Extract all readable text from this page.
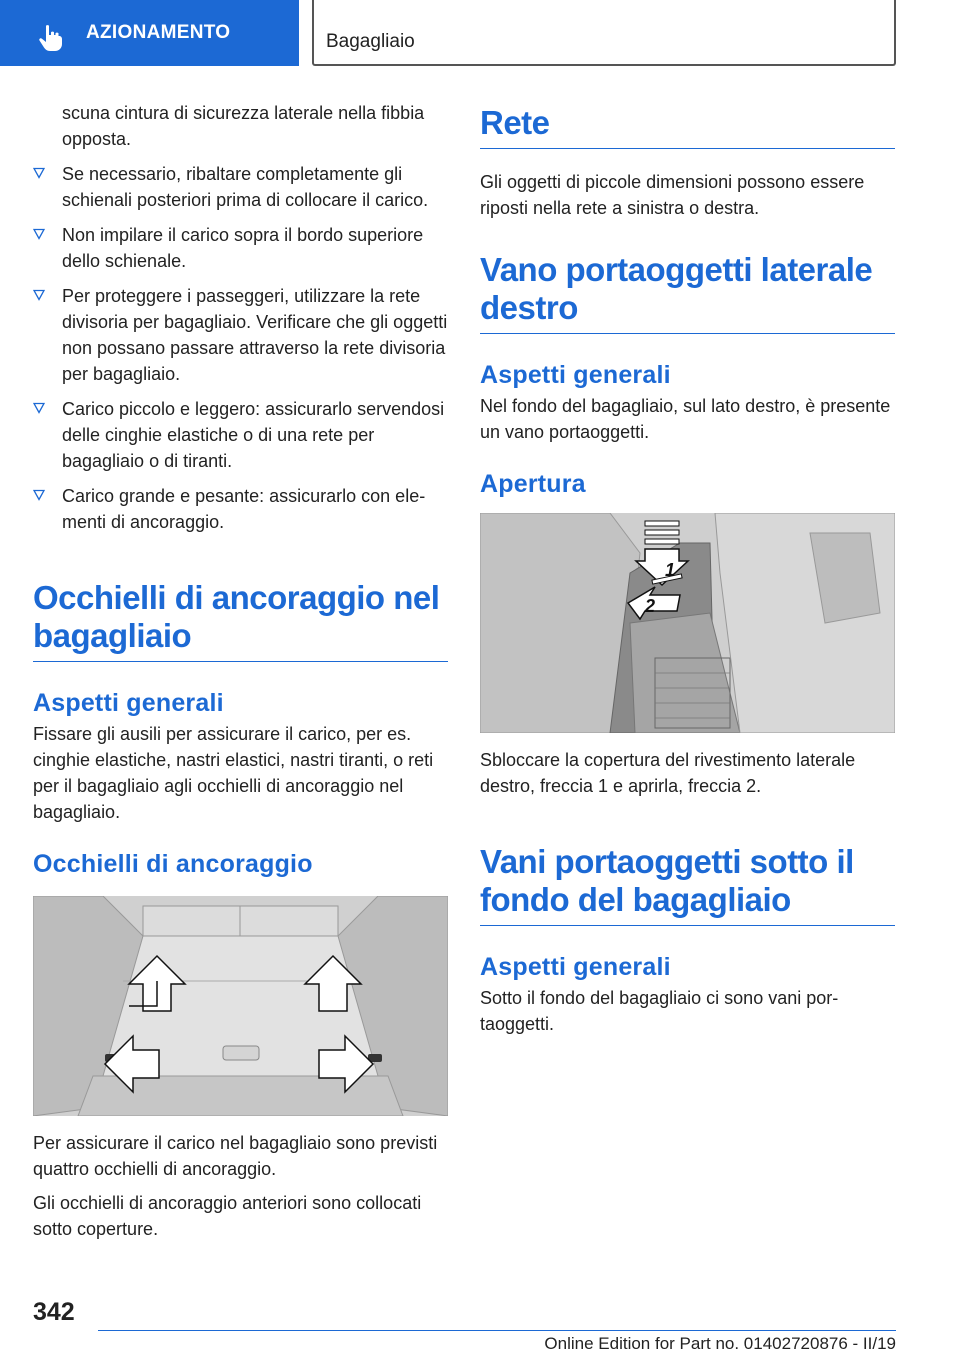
AZIONAMENTO	Bagagliaio

scuna cintura di sicurezza laterale nella fibbia opposta.

Se necessario, ribaltare completamente gli schienali posteriori prima di collocare il carico.
Non impilare il carico sopra il bordo superiore dello schienale.
Per proteggere i passeggeri, utilizzare la rete divisoria per bagagliaio. Verificare che gli oggetti non possano passare attraverso la rete divisoria per bagagliaio.
Carico piccolo e leggero: assicurarlo servendosi delle cinghie elastiche o di una rete per bagagliaio o di tiranti.
Carico grande e pesante: assicurarlo con elementi di ancoraggio.
Occhielli di ancoraggio nel bagagliaio
Aspetti generali

Fissare gli ausili per assicurare il carico, per es. cinghie elastiche, nastri elastici, nastri tiranti, o reti per il bagagliaio agli occhielli di ancoraggio nel bagagliaio.

Occhielli di ancoraggio

Per assicurare il carico nel bagagliaio sono previsti quattro occhielli di ancoraggio.

Gli occhielli di ancoraggio anteriori sono collocati sotto coperture.

Rete

Gli oggetti di piccole dimensioni possono essere riposti nella rete a sinistra o destra.

Vano portaoggetti laterale destro
Aspetti generali

Nel fondo del bagagliaio, sul lato destro, è presente un vano portaoggetti.

Apertura
1
2

Sbloccare la copertura del rivestimento laterale destro, freccia 1 e aprirla, freccia 2.

Vani portaoggetti sotto il fondo del bagagliaio
Aspetti generali

Sotto il fondo del bagagliaio ci sono vani portaoggetti.

342
Online Edition for Part no. 01402720876 - II/19
